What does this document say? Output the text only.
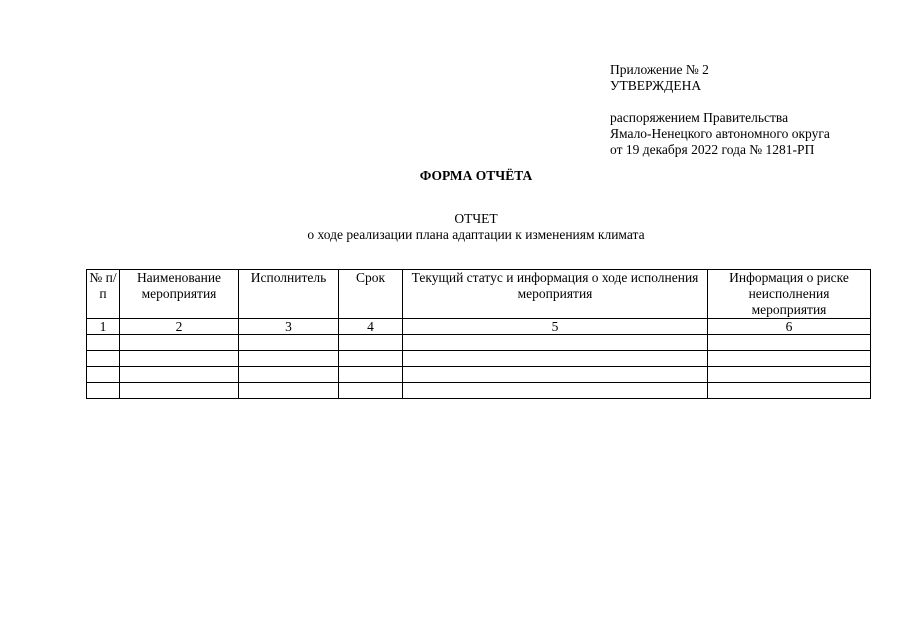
Приложение № 2
УТВЕРЖДЕНА
распоряжением Правительства
Ямало-Ненецкого автономного округа
от 19 декабря 2022 года № 1281-РП
ФОРМА ОТЧЁТА
ОТЧЕТ
о ходе реализации плана адаптации к изменениям климата
№ п/п	Наименование мероприятия	Исполнитель	Срок	Текущий статус и информация о ходе исполнения мероприятия	Информация о риске неисполнения мероприятия
1	2	3	4	5	6
